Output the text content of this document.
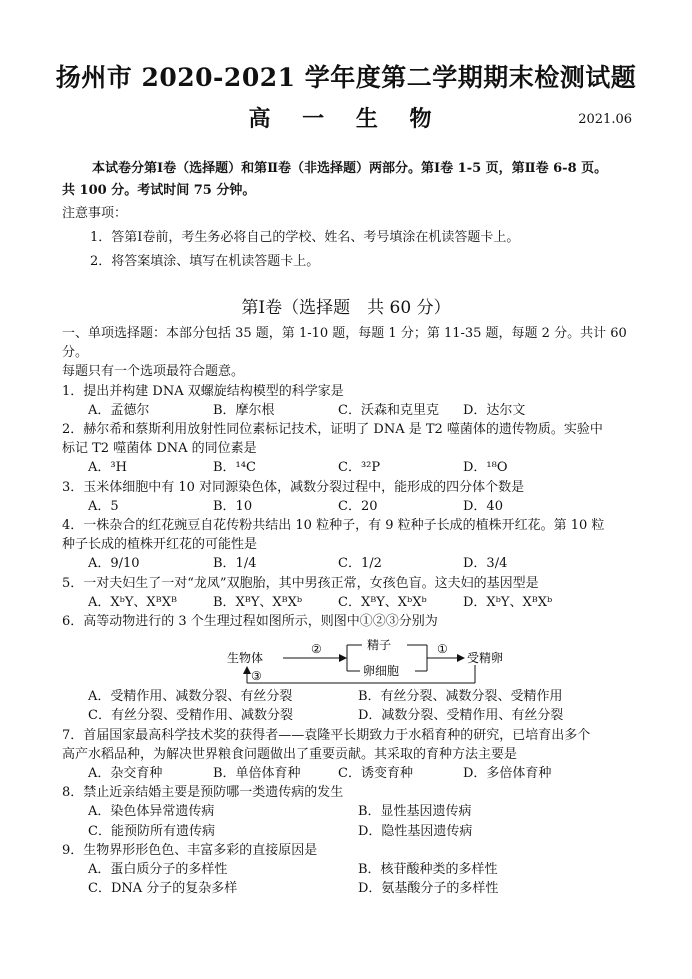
扬州市 2020-2021 学年度第二学期期末检测试题
高 一 生 物	2021.06

本试卷分第Ⅰ卷（选择题）和第Ⅱ卷（非选择题）两部分。第Ⅰ卷 1-5 页，第Ⅱ卷 6-8 页。

共 100 分。考试时间 75 分钟。

注意事项：

1．答第Ⅰ卷前，考生务必将自己的学校、姓名、考号填涂在机读答题卡上。

2．将答案填涂、填写在机读答题卡上。

第Ⅰ卷（选择题　共 60 分）

一、单项选择题：本部分包括 35 题，第 1-10 题，每题 1 分；第 11-35 题，每题 2 分。共计 60 分。

每题只有一个选项最符合题意。

1．提出并构建 DNA 双螺旋结构模型的科学家是

A．孟德尔	B．摩尔根	C．沃森和克里克	D．达尔文

2．赫尔希和蔡斯利用放射性同位素标记技术，证明了 DNA 是 T2 噬菌体的遗传物质。实验中

标记 T2 噬菌体 DNA 的同位素是

A．³H	B．¹⁴C	C．³²P	D．¹⁸O

3．玉米体细胞中有 10 对同源染色体，减数分裂过程中，能形成的四分体个数是

A．5	B．10	C．20	D．40

4．一株杂合的红花豌豆自花传粉共结出 10 粒种子，有 9 粒种子长成的植株开红花。第 10 粒

种子长成的植株开红花的可能性是

A．9/10	B．1/4	C．1/2	D．3/4

5．一对夫妇生了一对“龙凤”双胞胎，其中男孩正常，女孩色盲。这夫妇的基因型是

A．XᵇY、XᴮXᴮ	B．XᴮY、XᴮXᵇ	C．XᴮY、XᵇXᵇ	D．XᵇY、XᴮXᵇ

6．高等动物进行的 3 个生理过程如图所示，则图中①②③分别为

生物体
②	精子
卵细胞
①
受精卵
③
A．受精作用、减数分裂、有丝分裂	B．有丝分裂、减数分裂、受精作用
C．有丝分裂、受精作用、减数分裂	D．减数分裂、受精作用、有丝分裂

7．首届国家最高科学技术奖的获得者——袁隆平长期致力于水稻育种的研究，已培育出多个

高产水稻品种，为解决世界粮食问题做出了重要贡献。其采取的育种方法主要是

A．杂交育种	B．单倍体育种	C．诱变育种	D．多倍体育种

8．禁止近亲结婚主要是预防哪一类遗传病的发生

A．染色体异常遗传病	B．显性基因遗传病
C．能预防所有遗传病	D．隐性基因遗传病

9．生物界形形色色、丰富多彩的直接原因是

A．蛋白质分子的多样性	B．核苷酸种类的多样性
C．DNA 分子的复杂多样	D．氨基酸分子的多样性
